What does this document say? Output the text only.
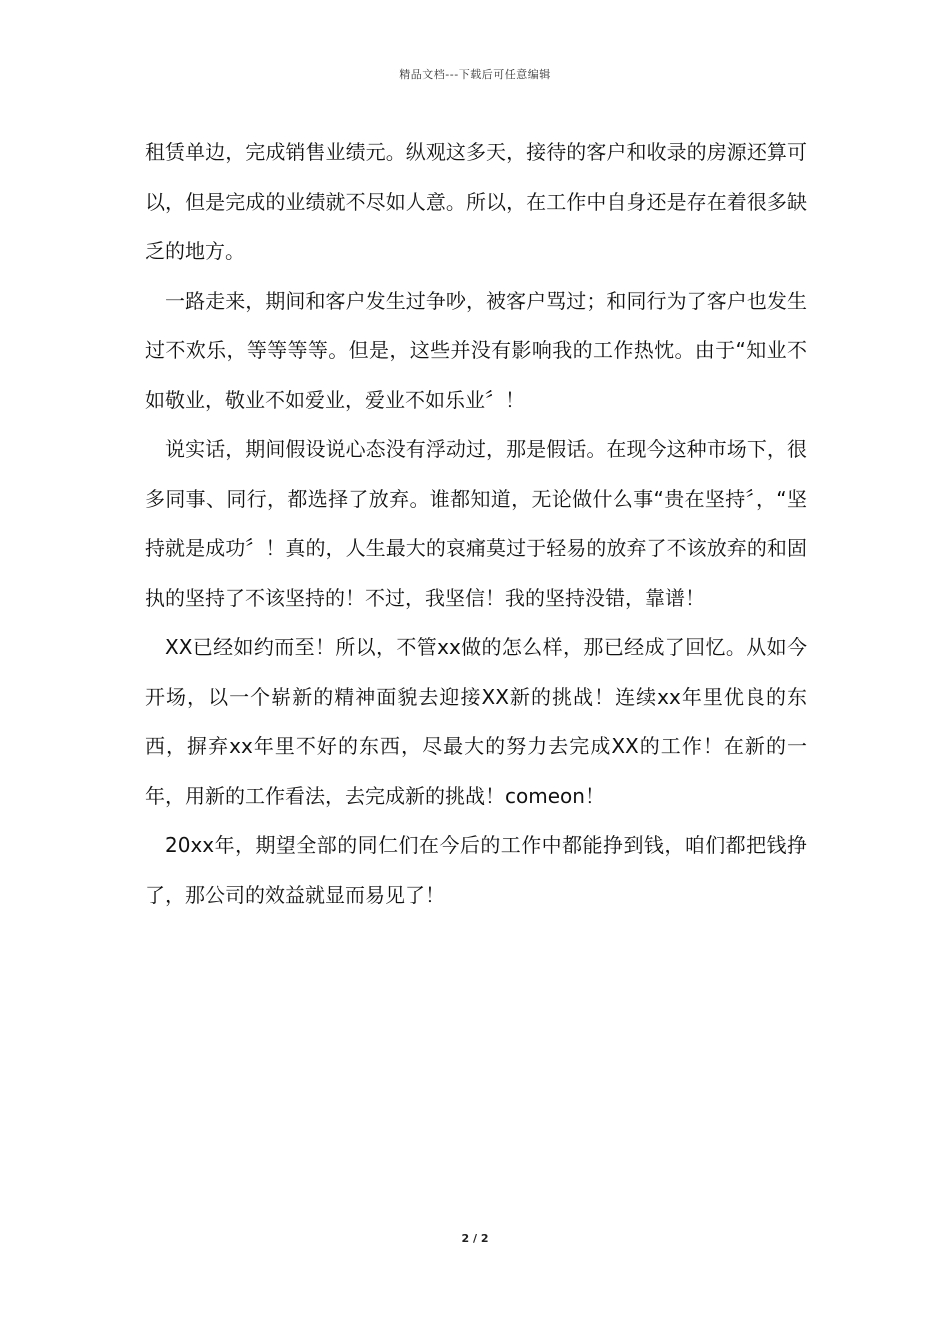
精品文档---下载后可任意编辑

租赁单边，完成销售业绩元。纵观这多天，接待的客户和收录的房源还算可以，但是完成的业绩就不尽如人意。所以，在工作中自身还是存在着很多缺乏的地方。

一路走来，期间和客户发生过争吵，被客户骂过；和同行为了客户也发生过不欢乐，等等等等。但是，这些并没有影响我的工作热忱。由于“知业不如敬业，敬业不如爱业，爱业不如乐业〞！

说实话，期间假设说心态没有浮动过，那是假话。在现今这种市场下，很多同事、同行，都选择了放弃。谁都知道，无论做什么事“贵在坚持〞，“坚持就是成功〞！真的，人生最大的哀痛莫过于轻易的放弃了不该放弃的和固执的坚持了不该坚持的！不过，我坚信！我的坚持没错，靠谱！

XX已经如约而至！所以，不管xx做的怎么样，那已经成了回忆。从如今开场，以一个崭新的精神面貌去迎接XX新的挑战！连续xx年里优良的东西，摒弃xx年里不好的东西，尽最大的努力去完成XX的工作！在新的一年，用新的工作看法，去完成新的挑战！comeon！

20xx年，期望全部的同仁们在今后的工作中都能挣到钱，咱们都把钱挣了，那公司的效益就显而易见了！

2 / 2
